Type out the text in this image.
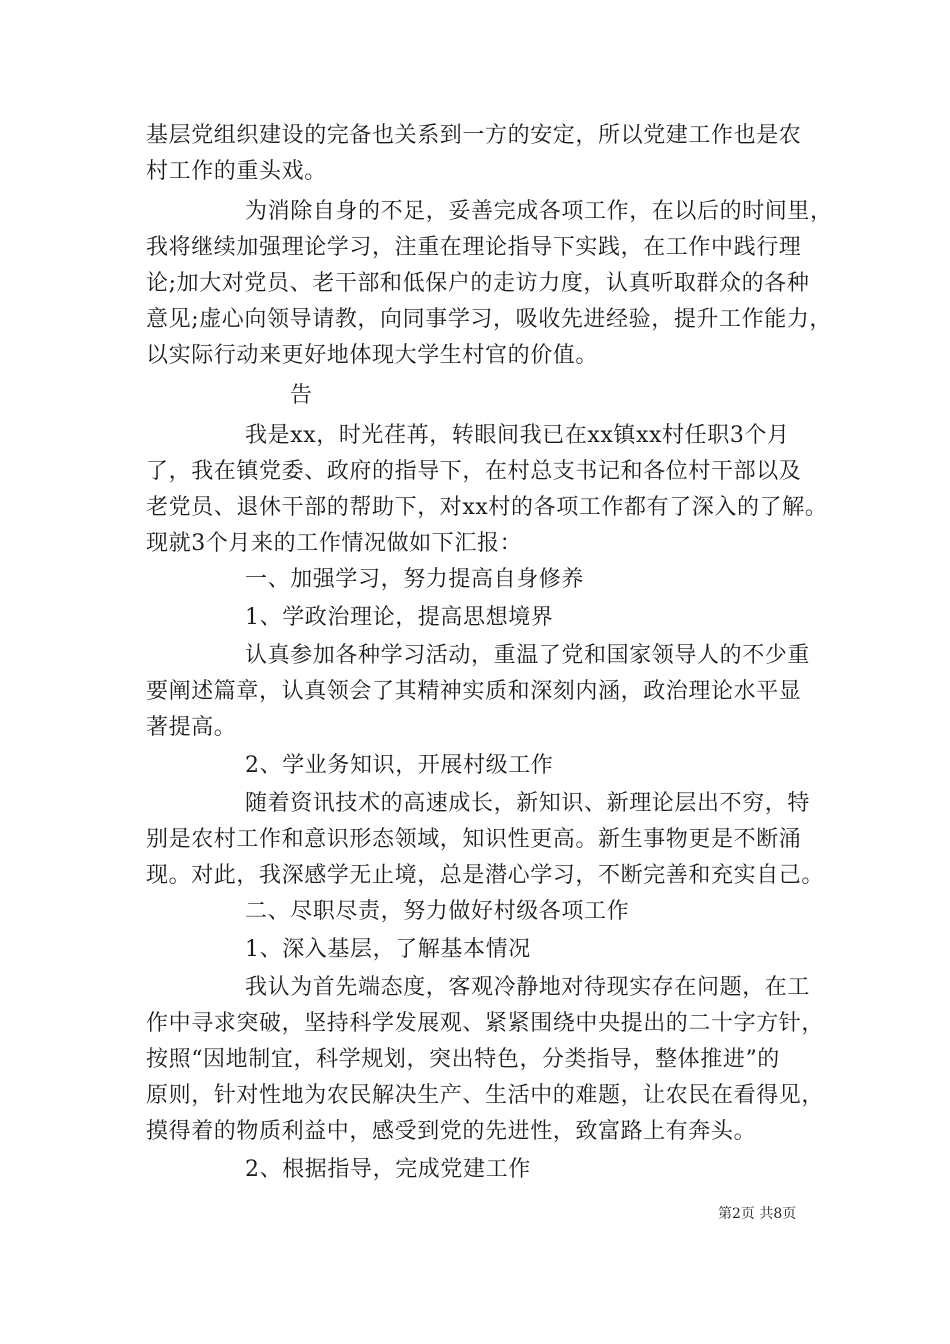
基层党组织建设的完备也关系到一方的安定，所以党建工作也是农
村工作的重头戏。
为消除自身的不足，妥善完成各项工作，在以后的时间里，
我将继续加强理论学习，注重在理论指导下实践，在工作中践行理
论;加大对党员、老干部和低保户的走访力度，认真听取群众的各种
意见;虚心向领导请教，向同事学习，吸收先进经验，提升工作能力，
以实际行动来更好地体现大学生村官的价值。
告
我是xx，时光荏苒，转眼间我已在xx镇xx村任职3个月
了，我在镇党委、政府的指导下，在村总支书记和各位村干部以及
老党员、退休干部的帮助下，对xx村的各项工作都有了深入的了解。
现就3个月来的工作情况做如下汇报：
一、加强学习，努力提高自身修养
1、学政治理论，提高思想境界
认真参加各种学习活动，重温了党和国家领导人的不少重
要阐述篇章，认真领会了其精神实质和深刻内涵，政治理论水平显
著提高。
2、学业务知识，开展村级工作
随着资讯技术的高速成长，新知识、新理论层出不穷，特
别是农村工作和意识形态领域，知识性更高。新生事物更是不断涌
现。对此，我深感学无止境，总是潜心学习，不断完善和充实自己。
二、尽职尽责，努力做好村级各项工作
1、深入基层，了解基本情况
我认为首先端态度，客观冷静地对待现实存在问题，在工
作中寻求突破，坚持科学发展观、紧紧围绕中央提出的二十字方针，
按照“因地制宜，科学规划，突出特色，分类指导，整体推进”的
原则，针对性地为农民解决生产、生活中的难题，让农民在看得见，
摸得着的物质利益中，感受到党的先进性，致富路上有奔头。
2、根据指导，完成党建工作
第2页 共8页
